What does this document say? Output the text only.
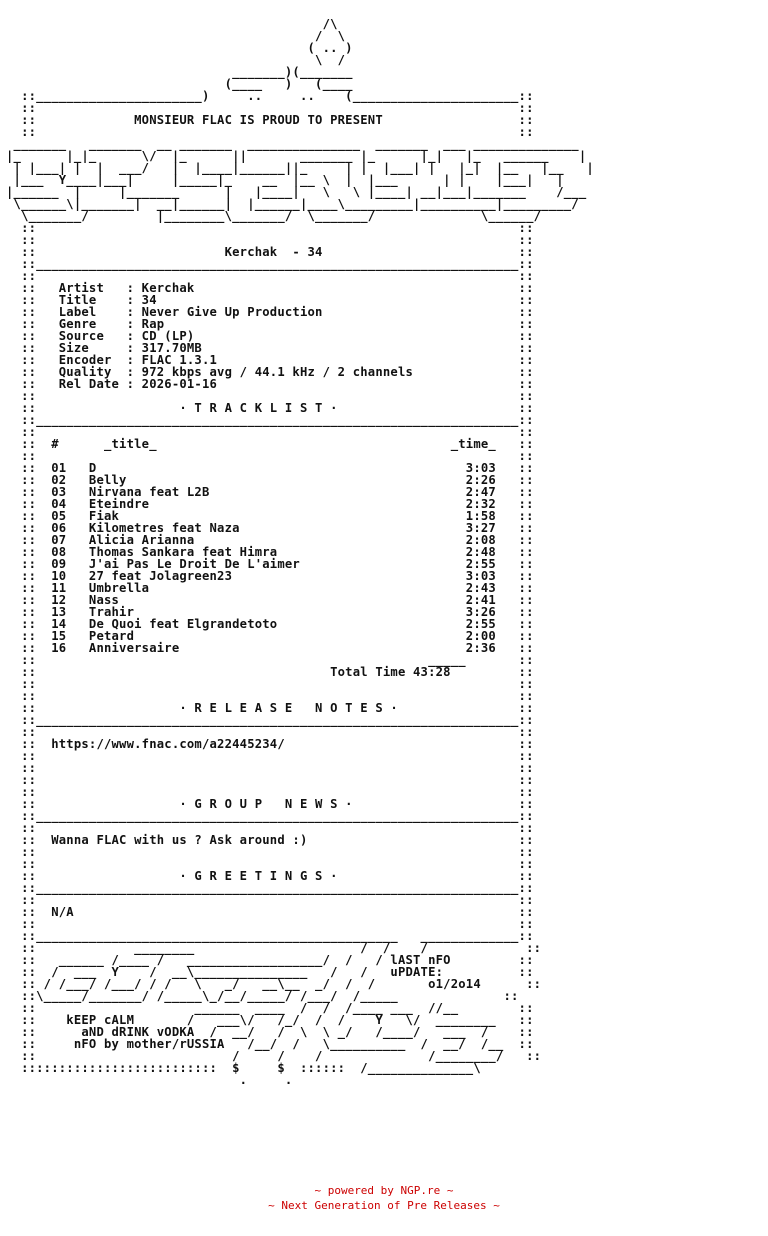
/\
/  \
( .. )
\  /
_______)(_______
(____   )   (____
::______________________)     ..     ..    (______________________::
::                                                                ::
::             MONSIEUR FLAC IS PROUD TO PRESENT                  ::
::                                                                ::
_______   _______  __ _______  _______________  _______  ___ ______________
|_      |_|_      \/  |_      ||       _______ |_      |_|   |_   ______    |
| |___| |  |  ___/   |  |____|______||_     | |  |___| |   |_|  |__   |__   |
|___  Y____|___|     |_____|_    __  |__ \  |  |___      | |    |___|   |
|______  |     |_______      |   |____|   \   \ |____| __|___|_______    /___
\______\|_______|  __|______|  |______|____\_________|__________|_________/
\_______/         |________\_______/  \_______/              \______/
::                                                                ::
::                                                                ::
::                         Kerchak  - 34                          ::
::________________________________________________________________::
::                                                                ::
::   Artist   : Kerchak                                           ::
::   Title    : 34                                                ::
::   Label    : Never Give Up Production                          ::
::   Genre    : Rap                                               ::
::   Source   : CD (LP)                                           ::
::   Size     : 317.70MB                                          ::
::   Encoder  : FLAC 1.3.1                                        ::
::   Quality  : 972 kbps avg / 44.1 kHz / 2 channels              ::
::   Rel Date : 2026-01-16                                        ::
::                                                                ::
::                   · T R A C K L I S T ·                        ::
::________________________________________________________________::
::                                                                ::
::  #      _title_                                       _time_   ::
::                                                                ::
::  01   D                                                 3:03   ::
::  02   Belly                                             2:26   ::
::  03   Nirvana feat L2B                                  2:47   ::
::  04   Eteindre                                          2:32   ::
::  05   Fiak                                              1:58   ::
::  06   Kilometres feat Naza                              3:27   ::
::  07   Alicia Arianna                                    2:08   ::
::  08   Thomas Sankara feat Himra                         2:48   ::
::  09   J'ai Pas Le Droit De L'aimer                      2:55   ::
::  10   27 feat Jolagreen23                               3:03   ::
::  11   Umbrella                                          2:43   ::
::  12   Nass                                              2:41   ::
::  13   Trahir                                            3:26   ::
::  14   De Quoi feat Elgrandetoto                         2:55   ::
::  15   Petard                                            2:00   ::
::  16   Anniversaire                                      2:36   ::
::                                                    _____       ::
::                                       Total Time 43:28         ::
::                                                                ::
::                                                                ::
::                   · R E L E A S E   N O T E S ·                ::
::________________________________________________________________::
::                                                                ::
::  https://www.fnac.com/a22445234/                               ::
::                                                                ::
::                                                                ::
::                                                                ::
::                                                                ::
::                   · G R O U P   N E W S ·                      ::
::________________________________________________________________::
::                                                                ::
::  Wanna FLAC with us ? Ask around :)                            ::
::                                                                ::
::                                                                ::
::                   · G R E E T I N G S ·                        ::
::________________________________________________________________::
::                                                                ::
::  N/A                                                           ::
::                                                                ::
::________________________________________________   _____________::
::             ________                      /  /    /             ::
::   ______ /____ /   __________________/  /   / lAST nFO         ::
::  /  ___  Y    /  __\_______________   /   /   uPDATE:          ::
:: / /___/ /___/ / /   \   _/   __\__  _/  /  /       o1/2o14      ::
::\_____/_______/ /_____\_/__/_____/ /___/  /_____              ::
::                     ______  ____  /  /  /____ ___  //__        ::
::    kEEP cALM       /   ___\/   /_/  /  /    Y   \/  ________   ::
::      aND dRINK vODKA  /  __/   /  \  \ _/   /____/   ___  /    ::
::     nFO by mother/rUSSIA   /__/  /   \__________  /  __/  /__  ::
::                          /     /    /              /________/   ::
::::::::::::::::::::::::::  $     $  ::::::  /______________\
.     .
~ powered by NGP.re ~
~ Next Generation of Pre Releases ~
